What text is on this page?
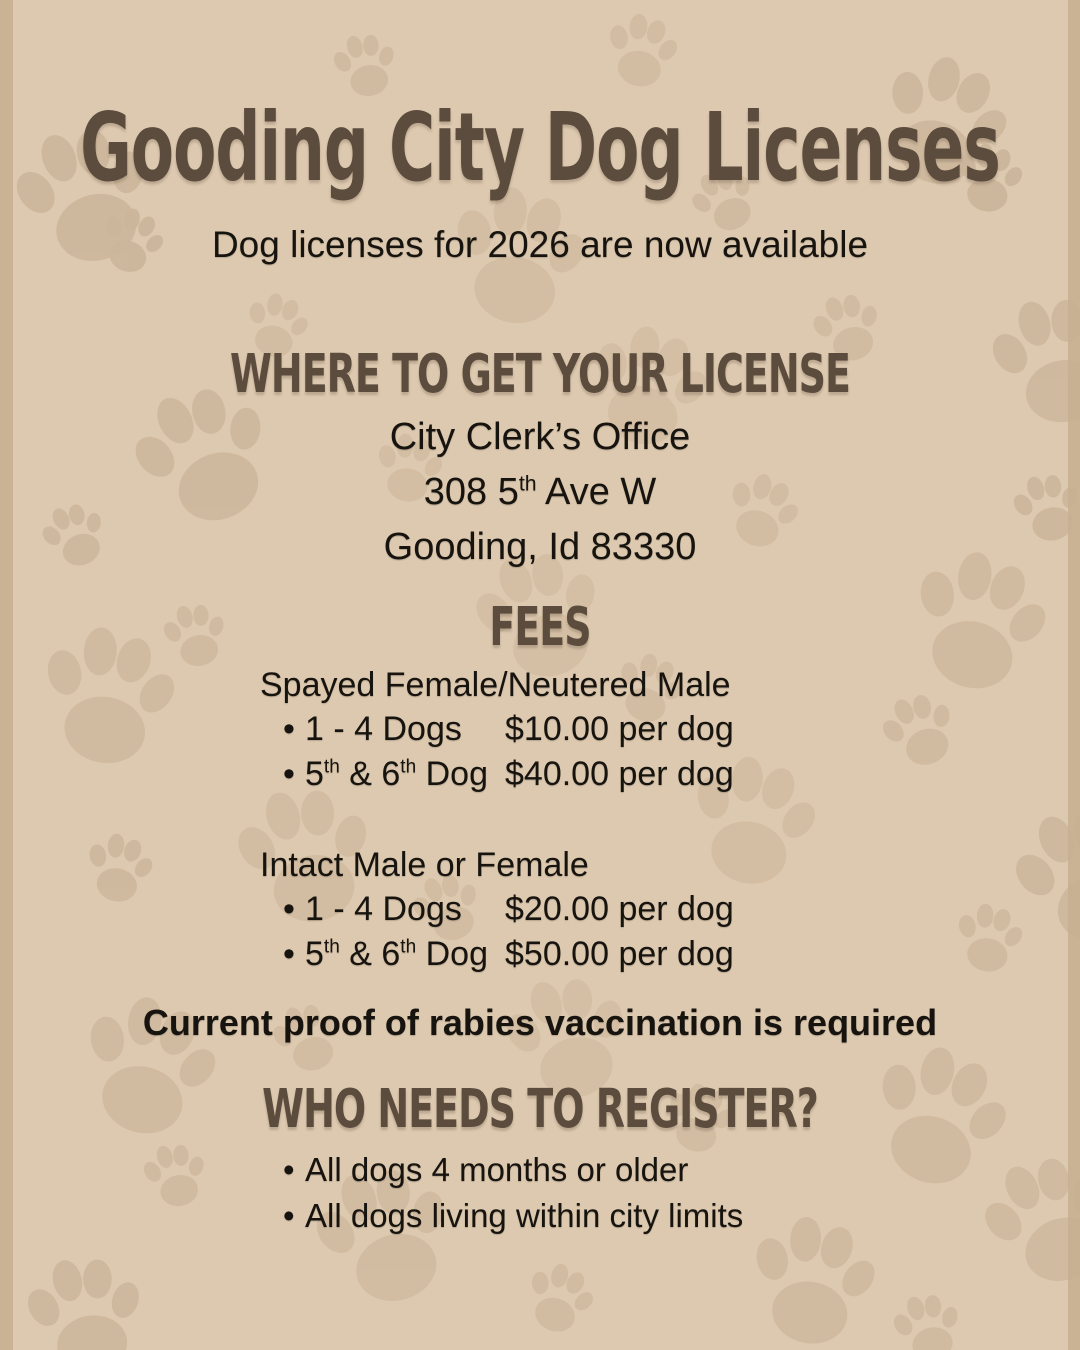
Gooding City Dog Licenses

Dog licenses for 2026 are now available

WHERE TO GET YOUR LICENSE
City Clerk’s Office
308 5th Ave W
Gooding, Id 83330
FEES
Spayed Female/Neutered Male
• 1 - 4 Dogs	$10.00 per dog
• 5th & 6th Dog $40.00 per dog
Intact Male or Female
• 1 - 4 Dogs	$20.00 per dog
• 5th & 6th Dog $50.00 per dog

Current proof of rabies vaccination is required

WHO NEEDS TO REGISTER?
• All dogs 4 months or older
• All dogs living within city limits
